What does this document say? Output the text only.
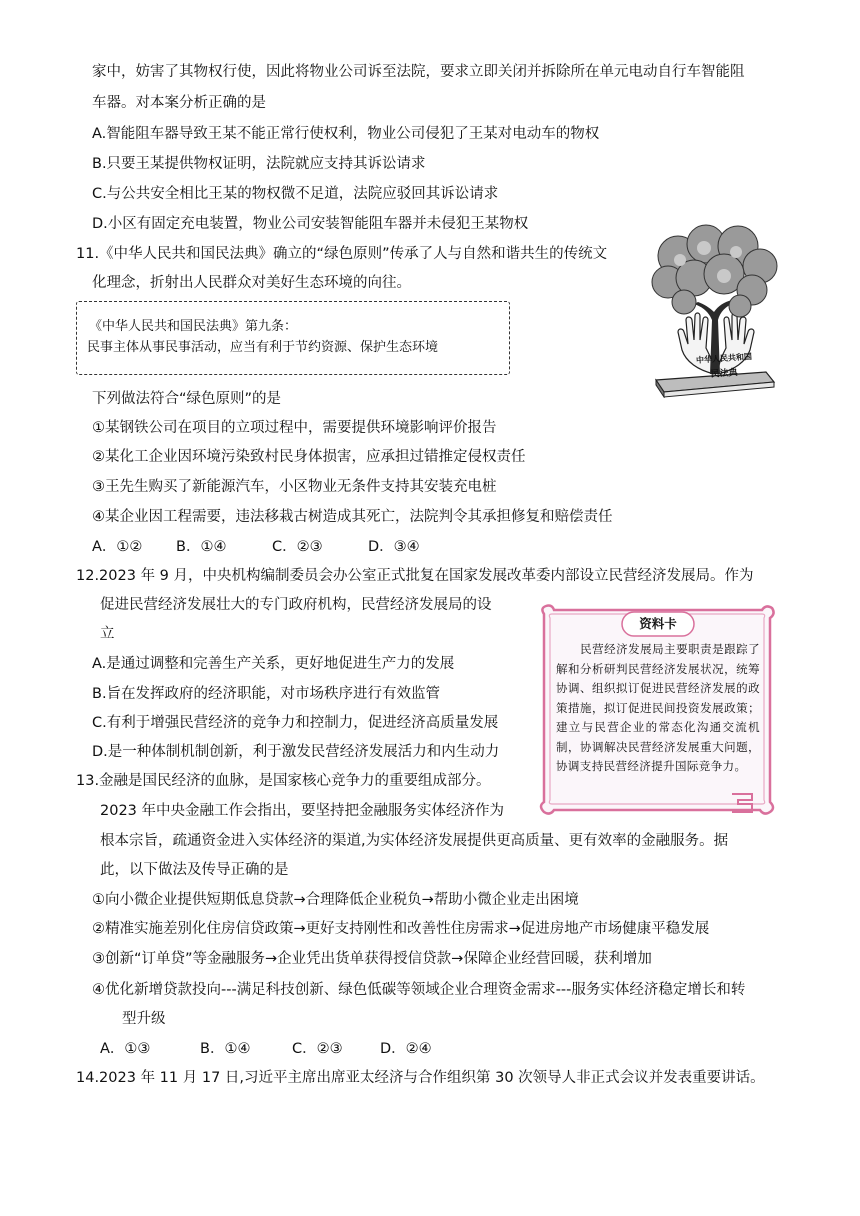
家中，妨害了其物权行使，因此将物业公司诉至法院，要求立即关闭并拆除所在单元电动自行车智能阻
车器。对本案分析正确的是
A.智能阻车器导致王某不能正常行使权利，物业公司侵犯了王某对电动车的物权
B.只要王某提供物权证明，法院就应支持其诉讼请求
C.与公共安全相比王某的物权微不足道，法院应驳回其诉讼请求
D.小区有固定充电装置，物业公司安装智能阻车器并未侵犯王某物权
11.《中华人民共和国民法典》确立的“绿色原则”传承了人与自然和谐共生的传统文
化理念，折射出人民群众对美好生态环境的向往。
《中华人民共和国民法典》第九条：
民事主体从事民事活动，应当有利于节约资源、保护生态环境
中华人民共和国
民法典
下列做法符合“绿色原则”的是
①某钢铁公司在项目的立项过程中，需要提供环境影响评价报告
②某化工企业因环境污染致村民身体损害，应承担过错推定侵权责任
③王先生购买了新能源汽车，小区物业无条件支持其安装充电桩
④某企业因工程需要，违法移栽古树造成其死亡，法院判令其承担修复和赔偿责任
A．①② B．①④	C．②③	D．③④
12.2023 年 9 月，中央机构编制委员会办公室正式批复在国家发展改革委内部设立民营经济发展局。作为
促进民营经济发展壮大的专门政府机构，民营经济发展局的设
立
A.是通过调整和完善生产关系，更好地促进生产力的发展
B.旨在发挥政府的经济职能，对市场秩序进行有效监管
C.有利于增强民营经济的竞争力和控制力，促进经济高质量发展
D.是一种体制机制创新，利于激发民营经济发展活力和内生动力
资料卡
民营经济发展局主要职责是跟踪了解和分析研判民营经济发展状况，统筹协调、组织拟订促进民营经济发展的政策措施，拟订促进民间投资发展政策；建立与民营企业的常态化沟通交流机制，协调解决民营经济发展重大问题，协调支持民营经济提升国际竞争力。
13.金融是国民经济的血脉，是国家核心竞争力的重要组成部分。
2023 年中央金融工作会指出，要坚持把金融服务实体经济作为
根本宗旨，疏通资金进入实体经济的渠道,为实体经济发展提供更高质量、更有效率的金融服务。据
此，以下做法及传导正确的是
①向小微企业提供短期低息贷款→合理降低企业税负→帮助小微企业走出困境
②精准实施差别化住房信贷政策→更好支持刚性和改善性住房需求→促进房地产市场健康平稳发展
③创新“订单贷”等金融服务→企业凭出货单获得授信贷款→保障企业经营回暖，获利增加
④优化新增贷款投向---满足科技创新、绿色低碳等领域企业合理资金需求---服务实体经济稳定增长和转
型升级
A．①③	B．①④	C．②③	D．②④
14.2023 年 11 月 17 日,习近平主席出席亚太经济与合作组织第 30 次领导人非正式会议并发表重要讲话。
